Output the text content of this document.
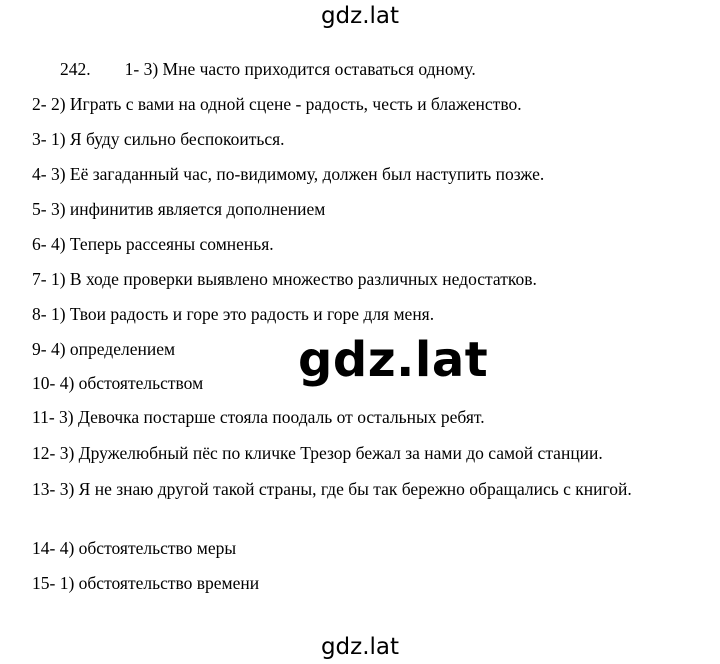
gdz.lat
242. 1- 3) Мне часто приходится оставаться одному.
2- 2) Играть с вами на одной сцене - радость, честь и блаженство.
3- 1) Я буду сильно беспокоиться.
4- 3) Её загаданный час, по-видимому, должен был наступить позже.
5- 3) инфинитив является дополнением
6- 4) Теперь рассеяны сомненья.
7- 1) В ходе проверки выявлено множество различных недостатков.
8- 1) Твои радость и горе это радость и горе для меня.
9- 4) определением
10- 4) обстоятельством
11- 3) Девочка постарше стояла поодаль от остальных ребят.
12- 3) Дружелюбный пёс по кличке Трезор бежал за нами до самой станции.
13- 3) Я не знаю другой такой страны, где бы так бережно обращались с книгой.
14- 4) обстоятельство меры
15- 1) обстоятельство времени
gdz.lat
gdz.lat
